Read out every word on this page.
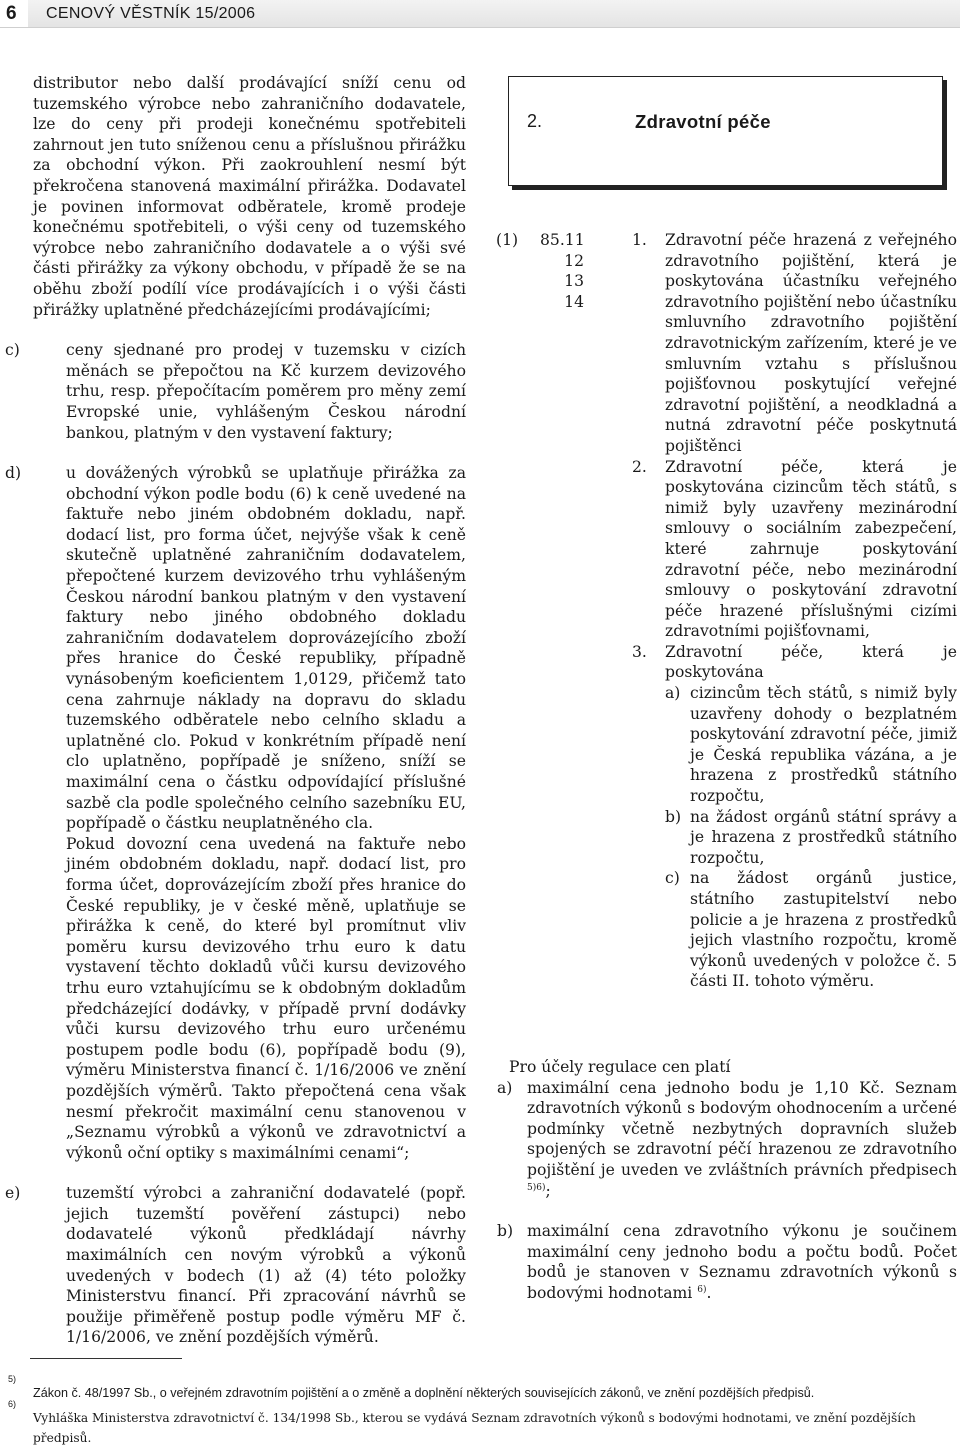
6	CENOVÝ VĚSTNÍK 15/2006

distributor nebo další prodávající sníží cenu od tuzemského výrobce nebo zahraničního dodavatele, lze do ceny při prodeji konečnému spotřebiteli zahrnout jen tuto sníženou cenu a příslušnou přirážku za obchodní výkon. Při zaokrouhlení nesmí být překročena stanovená maximální přirážka. Dodavatel je povinen informovat odběratele, kromě prodeje konečnému spotřebiteli, o výši ceny od tuzemského výrobce nebo zahraničního dodavatele a o výši své části přirážky za výkony obchodu, v případě že se na oběhu zboží podílí více prodávajících i o výši části přirážky uplatněné předcházejícími prodávajícími;

c)	ceny sjednané pro prodej v tuzemsku v cizích měnách se přepočtou na Kč kurzem devizového trhu, resp. přepočítacím poměrem pro měny zemí Evropské unie, vyhlášeným Českou národní bankou, platným v den vystavení faktury;
d)	u dovážených výrobků se uplatňuje přirážka za obchodní výkon podle bodu (6) k ceně uvedené na faktuře nebo jiném obdobném dokladu, např. dodací list, pro forma účet, nejvýše však k ceně skutečně uplatněné zahraničním dodavatelem, přepočtené kurzem devizového trhu vyhlášeným Českou národní bankou platným v den vystavení faktury nebo jiného obdobného dokladu zahraničním dodavatelem doprovázejícího zboží přes hranice do České republiky, případně vynásobeným koeficientem 1,0129, přičemž tato cena zahrnuje náklady na dopravu do skladu tuzemského odběratele nebo celního skladu a uplatněné clo. Pokud v konkrétním případě není clo uplatněno, popřípadě je sníženo, sníží se maximální cena o částku odpovídající příslušné sazbě cla podle společného celního sazebníku EU, popřípadě o částku neuplatněného cla.
Pokud dovozní cena uvedená na faktuře nebo jiném obdobném dokladu, např. dodací list, pro forma účet, doprovázejícím zboží přes hranice do České republiky, je v české měně, uplatňuje se přirážka k ceně, do které byl promítnut vliv poměru kursu devizového trhu euro k datu vystavení těchto dokladů vůči kursu devizového trhu euro vztahujícímu se k obdobným dokladům předcházející dodávky, v případě první dodávky vůči kursu devizového trhu euro určenému postupem podle bodu (6), popřípadě bodu (9), výměru Ministerstva financí č. 1/16/2006 ve znění pozdějších výměrů. Takto přepočtená cena však nesmí překročit maximální cenu stanovenou v „Seznamu výrobků a výkonů ve zdravotnictví a výkonů oční optiky s maximálními cenami“;
e)	tuzemští výrobci a zahraniční dodavatelé (popř. jejich tuzemští pověření zástupci) nebo dodavatelé výkonů předkládají návrhy maximálních cen novým výrobků a výkonů uvedených v bodech (1) až (4) této položky Ministerstvu financí. Při zpracování návrhů se použije přiměřeně postup podle výměru MF č. 1/16/2006, ve znění pozdějších výměrů.
2.	Zdravotní péče
(1) 85.11
12
13
14
1. Zdravotní péče hrazená z veřejného zdravotního pojištění, která je poskytována účastníku veřejného zdravotního pojištění nebo účastníku smluvního zdravotního pojištění zdravotnickým zařízením, které je ve smluvním vztahu s příslušnou pojišťovnou poskytující veřejné zdravotní pojištění, a neodkladná a nutná zdravotní péče poskytnutá pojištěnci
2. Zdravotní péče, která je poskytována cizincům těch států, s nimiž byly uzavřeny mezinárodní smlouvy o sociálním zabezpečení, které zahrnuje poskytování zdravotní péče, nebo mezinárodní smlouvy o poskytování zdravotní péče hrazené příslušnými cizími zdravotními pojišťovnami,
3. Zdravotní péče, která je poskytována
a) cizincům těch států, s nimiž byly uzavřeny dohody o bezplatném poskytování zdravotní péče, jimiž je Česká republika vázána, a je hrazena z prostředků státního rozpočtu,
b) na žádost orgánů státní správy a je hrazena z prostředků státního rozpočtu,
c) na žádost orgánů justice, státního zastupitelství nebo policie a je hrazena z prostředků jejich vlastního rozpočtu, kromě výkonů uvedených v položce č. 5 části II. tohoto výměru.

Pro účely regulace cen platí

a) maximální cena jednoho bodu je 1,10 Kč. Seznam zdravotních výkonů s bodovým ohodnocením a určené podmínky včetně nezbytných dopravních služeb spojených se zdravotní péčí hrazenou ze zdravotního pojištění je uveden ve zvláštních právních předpisech $^{5)6)}$;
b) maximální cena zdravotního výkonu je součinem maximální ceny jednoho bodu a počtu bodů. Počet bodů je stanoven v Seznamu zdravotních výkonů s bodovými hodnotami $^{6)}$.
5)
Zákon č. 48/1997 Sb., o veřejném zdravotním pojištění a o změně a doplnění některých souvisejících zákonů, ve znění pozdějších předpisů.
6)
Vyhláška Ministerstva zdravotnictví č. 134/1998 Sb., kterou se vydává Seznam zdravotních výkonů s bodovými hodnotami, ve znění pozdějších předpisů.
